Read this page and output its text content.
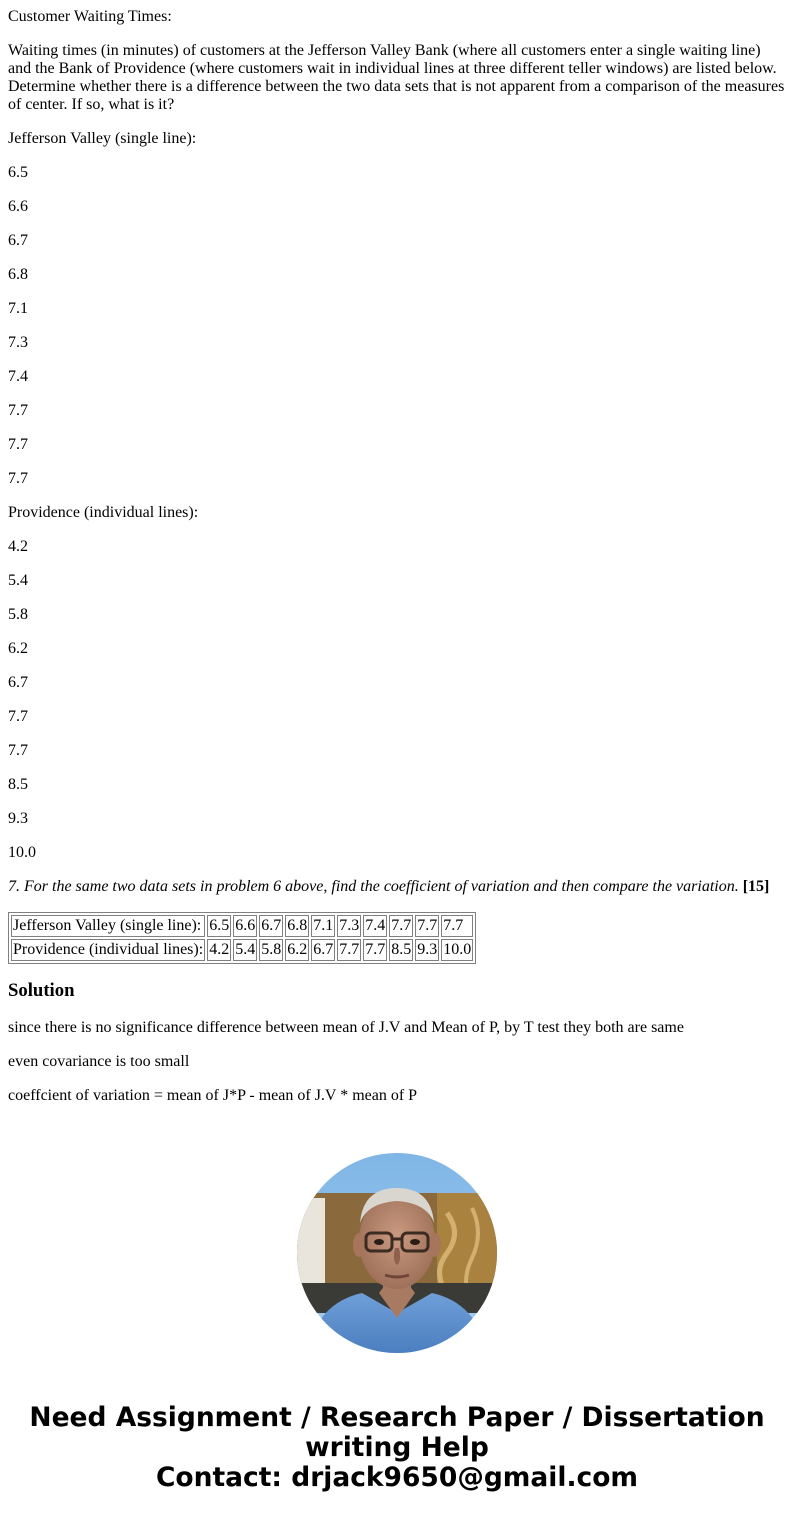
Customer Waiting Times:

Waiting times (in minutes) of customers at the Jefferson Valley Bank (where all customers enter a single waiting line) and the Bank of Providence (where customers wait in individual lines at three different teller windows) are listed below. Determine whether there is a difference between the two data sets that is not apparent from a comparison of the measures of center. If so, what is it?

Jefferson Valley (single line):

6.5

6.6

6.7

6.8

7.1

7.3

7.4

7.7

7.7

7.7

Providence (individual lines):

4.2

5.4

5.8

6.2

6.7

7.7

7.7

8.5

9.3

10.0

7. For the same two data sets in problem 6 above, find the coefficient of variation and then compare the variation. [15]

Jefferson Valley (single line):	6.5	6.6	6.7	6.8	7.1	7.3	7.4	7.7	7.7	7.7
Providence (individual lines):	4.2	5.4	5.8	6.2	6.7	7.7	7.7	8.5	9.3	10.0
Solution

since there is no significance difference between mean of J.V and Mean of P, by T test they both are same

even covariance is too small

coeffcient of variation = mean of J*P - mean of J.V * mean of P

Need Assignment / Research Paper / Dissertation
writing Help
Contact: drjack9650@gmail.com
